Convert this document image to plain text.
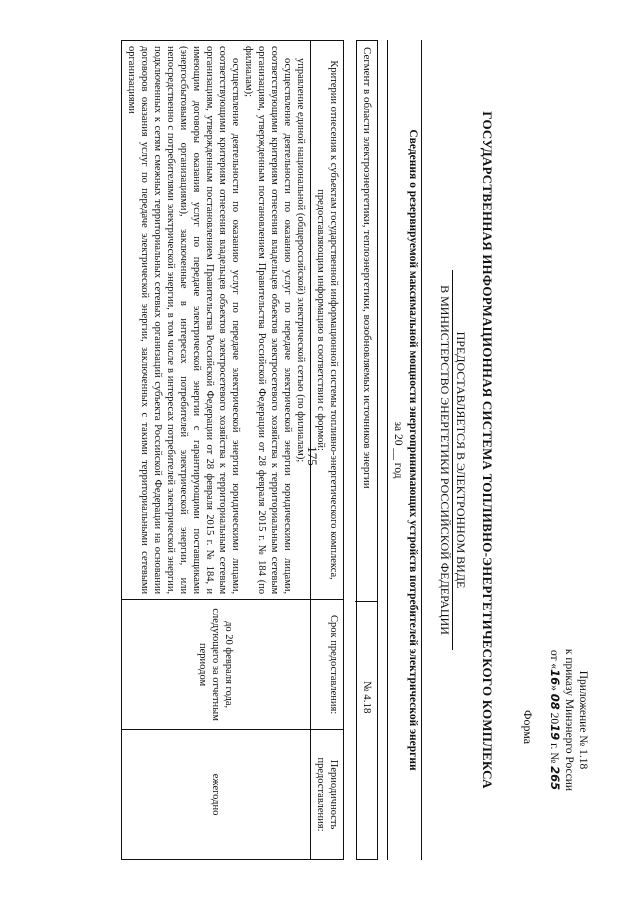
175
Приложение № 1.18
к приказу Минэнерго России
от «16» 08 2019 г. № 265
Форма
ГОСУДАРСТВЕННАЯ ИНФОРМАЦИОННАЯ СИСТЕМА ТОПЛИВНО-ЭНЕРГЕТИЧЕСКОГО КОМПЛЕКСА
ПРЕДОСТАВЛЯЕТСЯ В ЭЛЕКТРОННОМ ВИДЕ
В МИНИСТЕРСТВО ЭНЕРГЕТИКИ РОССИЙСКОЙ ФЕДЕРАЦИИ
Сведения о резервируемой максимальной мощности энергопринимающих устройств потребителей электрической энергии
за 20 __ год
Сегмент в области электроэнергетики, теплоэнергетики, возобновляемых источников энергии
№ 4.18
Критерии отнесения к субъектам государственной информационной системы топливно-энергетического комплекса, предоставляющим информацию в соответствии с формой:	Срок предоставления:	Периодичность предоставления:

управление единой национальной (общероссийской) электрической сетью (по филиалам);

осуществление деятельности по оказанию услуг по передаче электрической энергии юридическими лицами, соответствующими критериям отнесения владельцев объектов электросетевого хозяйства к территориальным сетевым организациям, утвержденным постановлением Правительства Российской Федерации от 28 февраля 2015 г. № 184 (по филиалам);

осуществление деятельности по оказанию услуг по передаче электрической энергии юридическими лицами, соответствующими критериям отнесения владельцев объектов электросетевого хозяйства к территориальным сетевым организациям, утвержденным постановлением Правительства Российской Федерации от 28 февраля 2015 г. № 184, и имеющим договоры оказания услуг по передаче электрической энергии с гарантирующими поставщиками (энергосбытовыми организациями), заключенные в интересах потребителей электрической энергии, или непосредственно с потребителями электрической энергии, в том числе в интересах потребителей электрической энергии, подключенных к сетям смежных территориальных сетевых организаций субъекта Российской Федерации на основании договоров оказания услуг по передаче электрической энергии, заключенных с такими территориальными сетевыми организациями	до 20 февраля года, следующего за отчетным периодом	ежегодно
